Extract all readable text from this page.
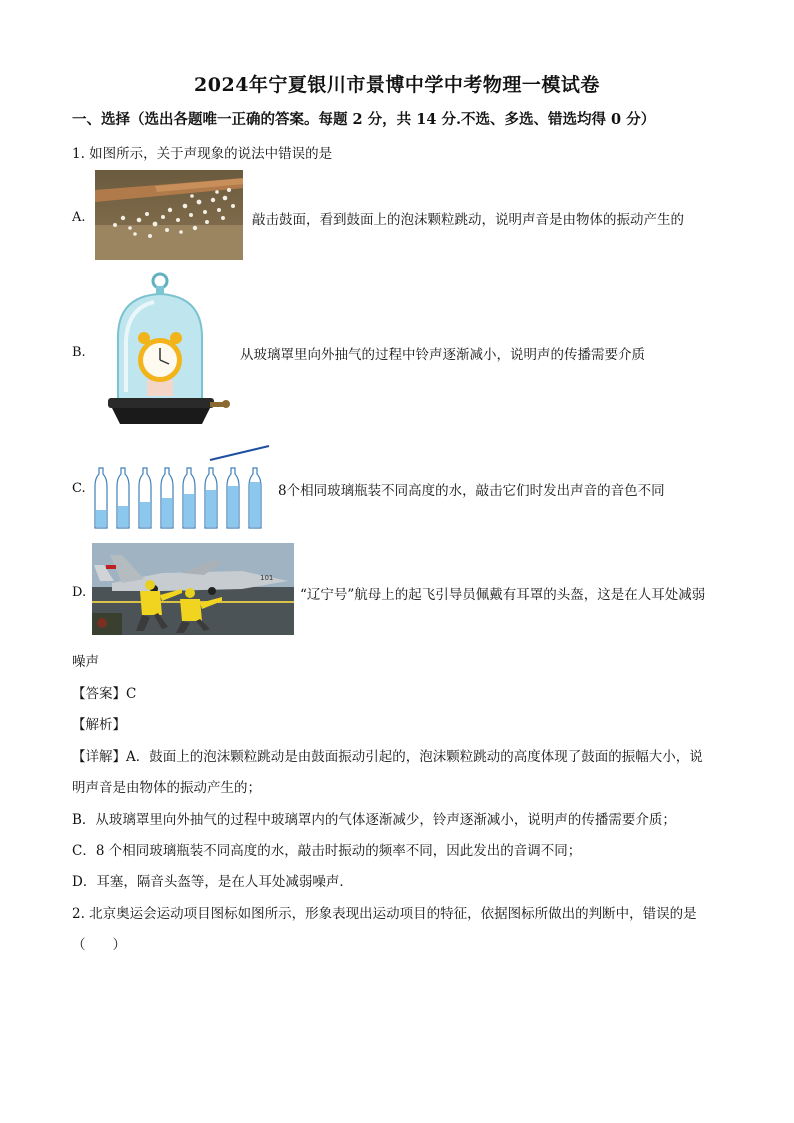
2024年宁夏银川市景博中学中考物理一模试卷
一、选择（选出各题唯一正确的答案。每题 2 分，共 14 分.不选、多选、错选均得 0 分）
1. 如图所示，关于声现象的说法中错误的是
A.	敲击鼓面，看到鼓面上的泡沫颗粒跳动，说明声音是由物体的振动产生的
B.	从玻璃罩里向外抽气的过程中铃声逐渐减小，说明声的传播需要介质
C.	8个相同玻璃瓶装不同高度的水，敲击它们时发出声音的音色不同
D.
101
“辽宁号”航母上的起飞引导员佩戴有耳罩的头盔，这是在人耳处减弱
噪声
【答案】C
【解析】
【详解】A．鼓面上的泡沫颗粒跳动是由鼓面振动引起的，泡沫颗粒跳动的高度体现了鼓面的振幅大小，说
明声音是由物体的振动产生的；
B．从玻璃罩里向外抽气的过程中玻璃罩内的气体逐渐减少，铃声逐渐减小，说明声的传播需要介质；
C．8 个相同玻璃瓶装不同高度的水，敲击时振动的频率不同，因此发出的音调不同；
D．耳塞，隔音头盔等，是在人耳处减弱噪声．
2. 北京奥运会运动项目图标如图所示，形象表现出运动项目的特征，依据图标所做出的判断中，错误的是
（　　）
